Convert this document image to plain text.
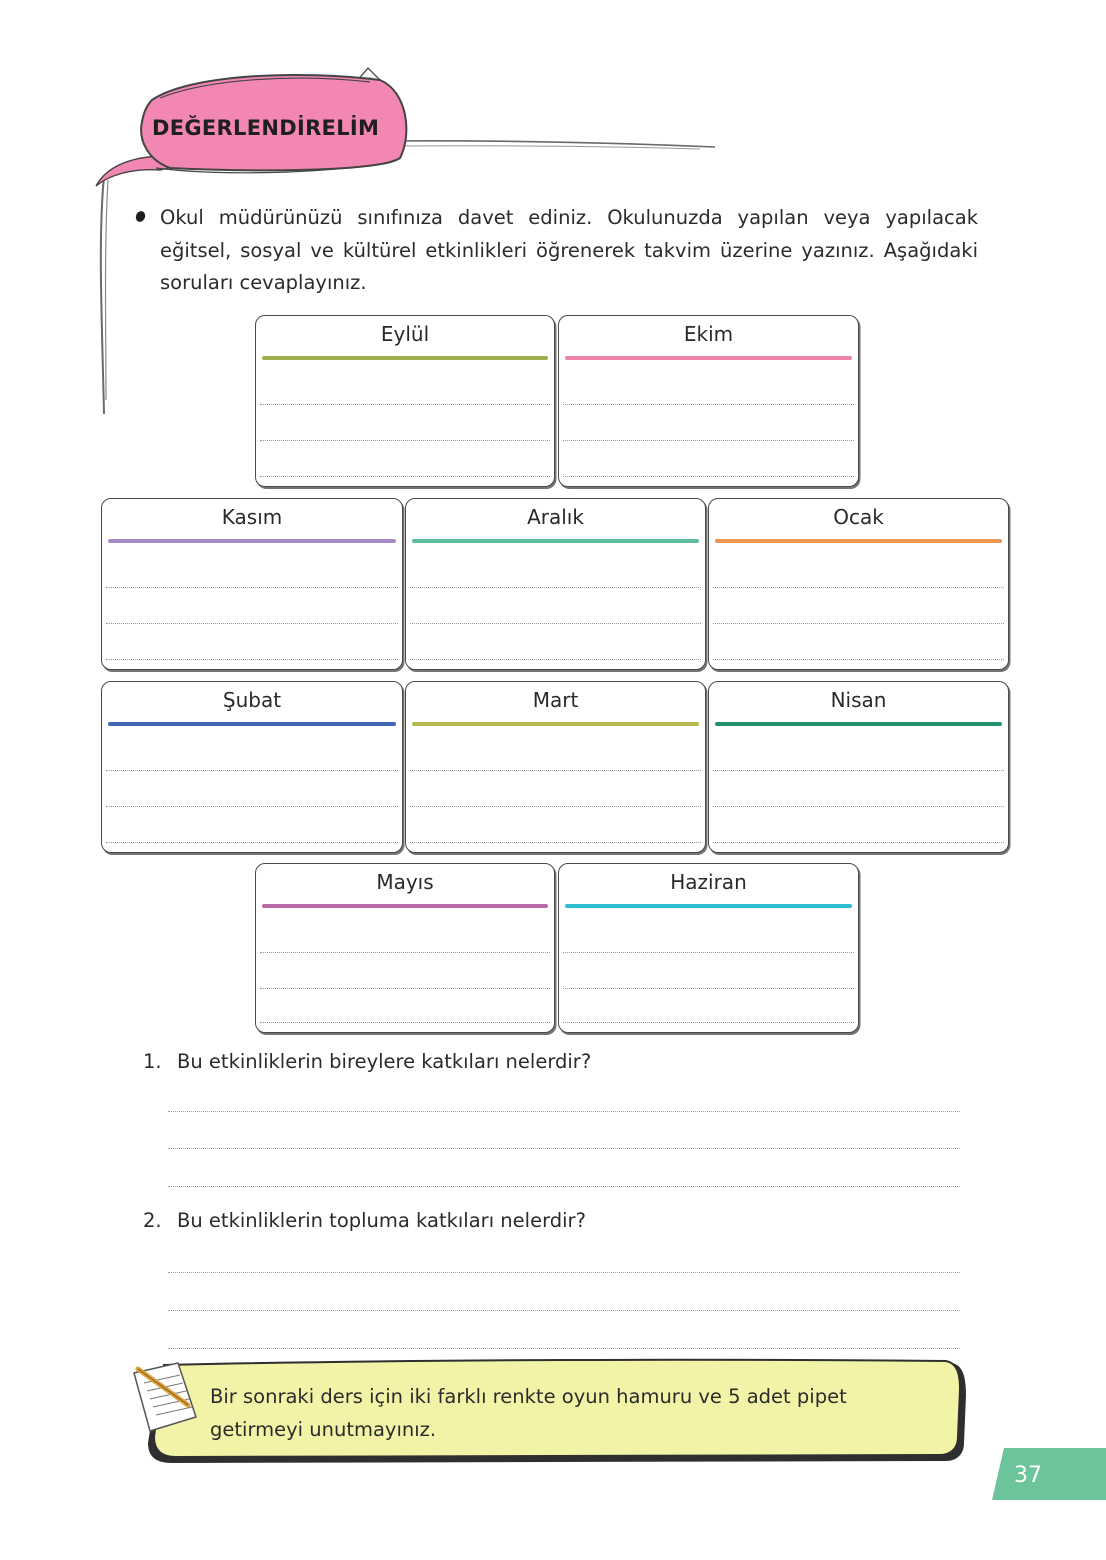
DEĞERLENDİRELİM
Okul müdürünüzü sınıfınıza davet ediniz. Okulunuzda yapılan veya yapılacak eğitsel, sosyal ve kültürel etkinlikleri öğrenerek takvim üzerine yazınız. Aşağıdaki soruları cevaplayınız.
Eylül	Ekim
Kasım	Aralık	Ocak
Şubat	Mart	Nisan
Mayıs	Haziran
1. Bu etkinliklerin bireylere katkıları nelerdir?
2. Bu etkinliklerin topluma katkıları nelerdir?
Bir sonraki ders için iki farklı renkte oyun hamuru ve 5 adet pipet getirmeyi unutmayınız.
37
